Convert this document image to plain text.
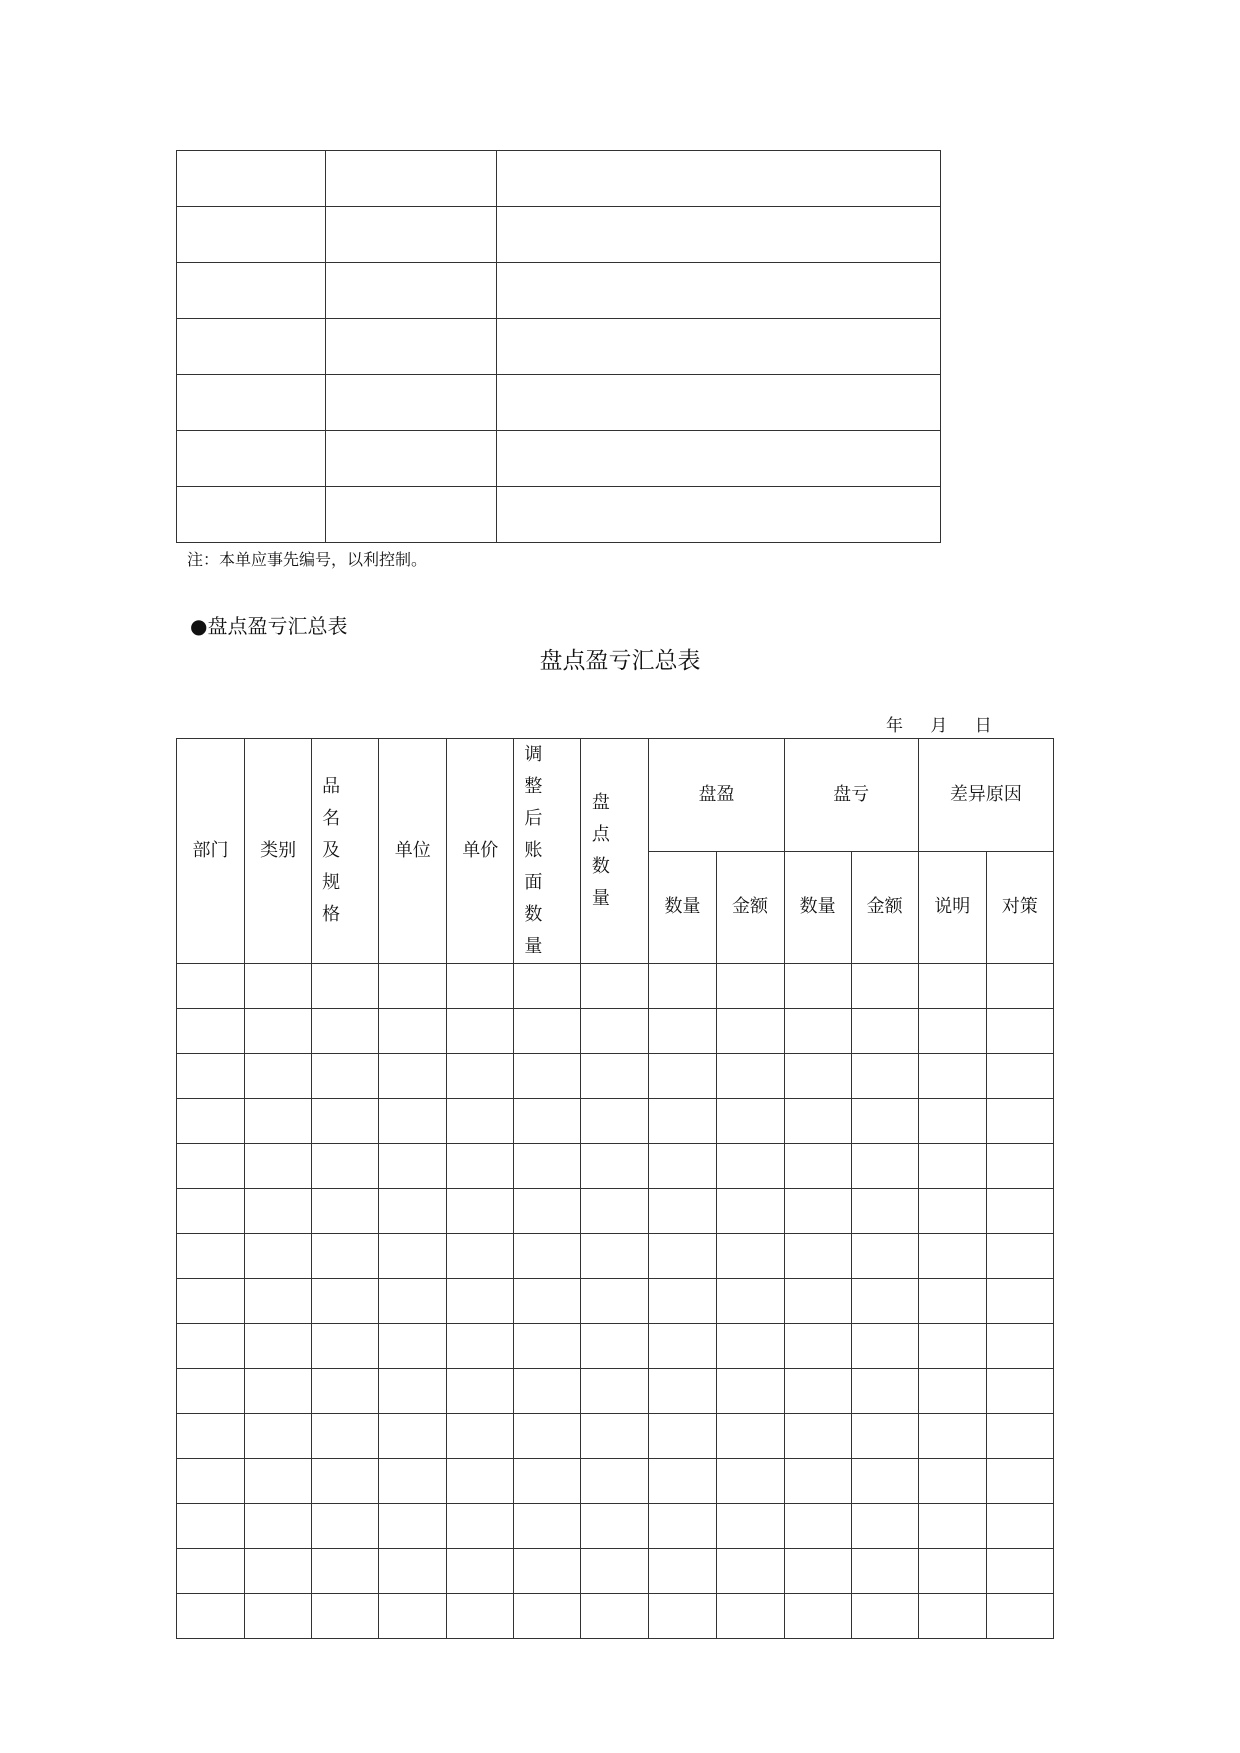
注：本单应事先编号，以利控制。
●盘点盈亏汇总表
盘点盈亏汇总表
年 月 日
部门	类别	品名及规格	单位	单价	调整后账面数量	盘点数量	盘盈		盘亏		差异原因	
							数量	金额	数量	金额	说明	对策
